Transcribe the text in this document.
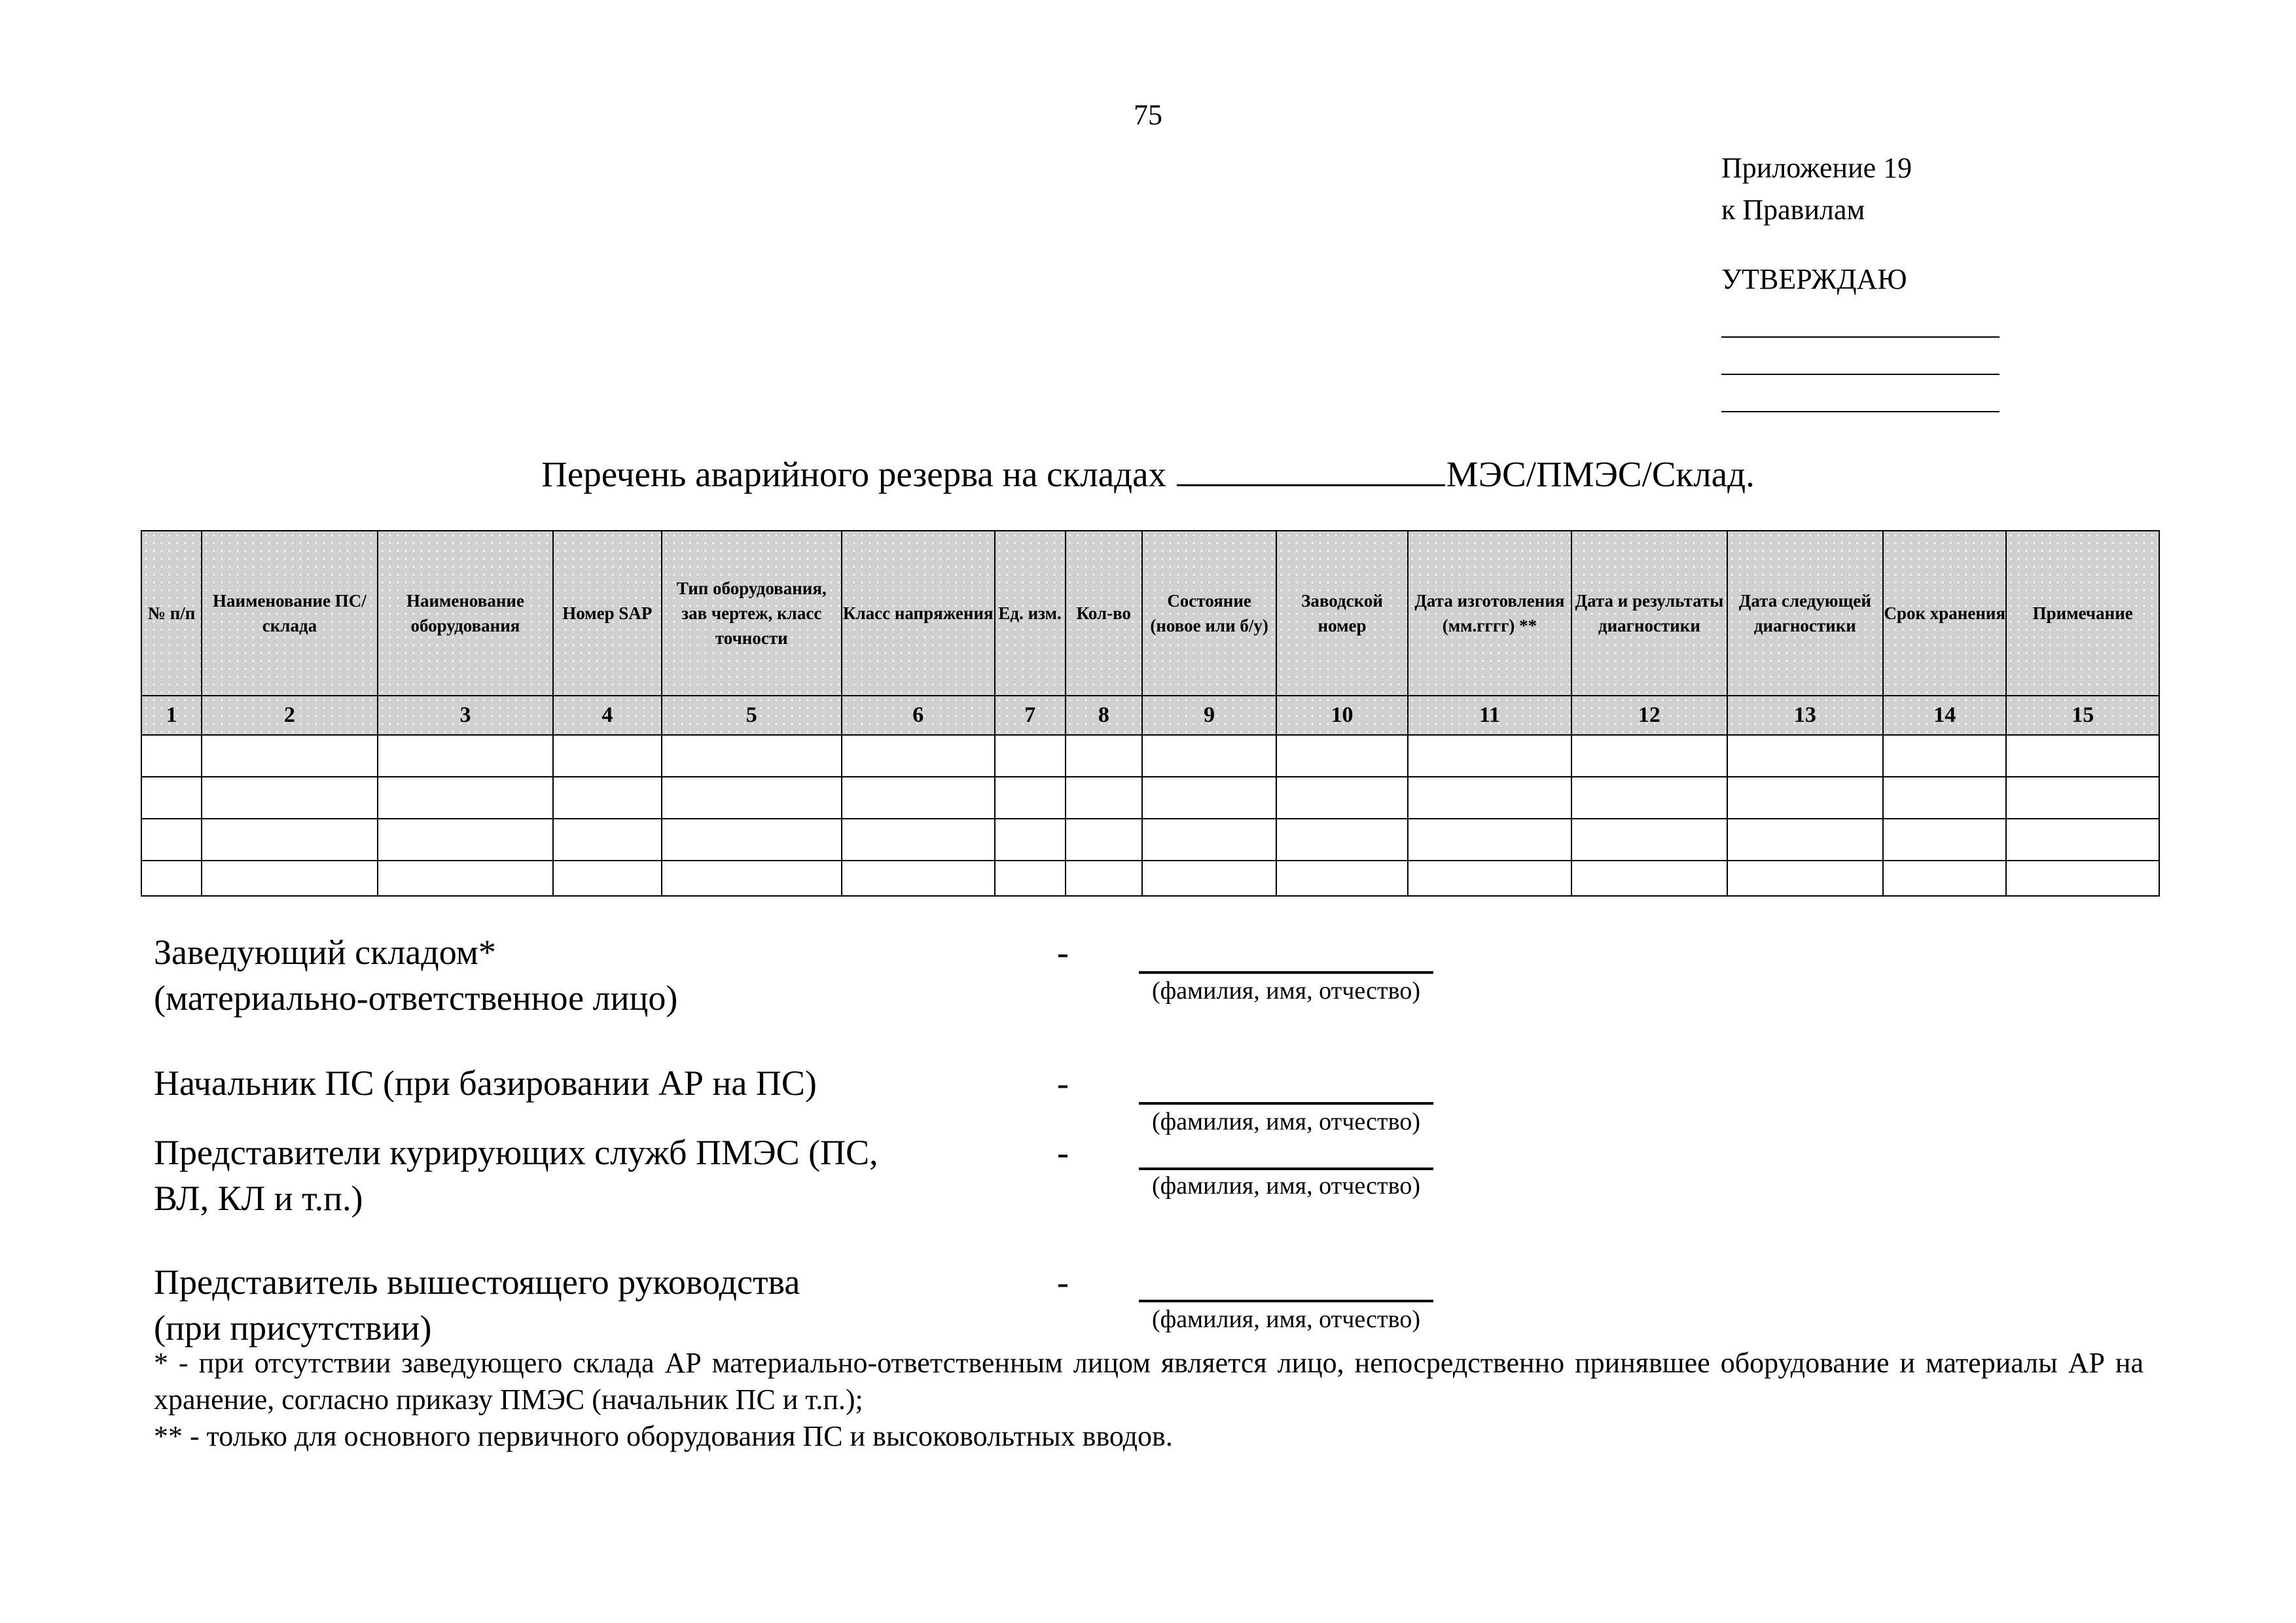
75
Приложение 19
к Правилам
УТВЕРЖДАЮ
Перечень аварийного резерва на складах	МЭС/ПМЭС/Склад.
№ п/п	Наименование ПС/склада	Наименование оборудования	Номер SAP	Тип оборудования, зав чертеж, класс точности	Класс напряжения	Ед. изм.	Кол-во	Состояние (новое или б/у)	Заводской номер	Дата изготовления (мм.гггг) **	Дата и результаты диагностики	Дата следующей диагностики	Срок хранения	Примечание
1	2	3	4	5	6	7	8	9	10	11	12	13	14	15

Заведующий складом*
(материально-ответственное лицо)
-
(фамилия, имя, отчество)
Начальник ПС (при базировании АР на ПС)	-
(фамилия, имя, отчество)
Представители курирующих служб ПМЭС (ПС,
ВЛ, КЛ и т.п.)
-
(фамилия, имя, отчество)
Представитель вышестоящего руководства
(при присутствии)
-
(фамилия, имя, отчество)

* - при отсутствии заведующего склада АР материально-ответственным лицом является лицо, непосредственно принявшее оборудование и материалы АР на хранение, согласно приказу ПМЭС (начальник ПС и т.п.);

** - только для основного первичного оборудования ПС и высоковольтных вводов.
